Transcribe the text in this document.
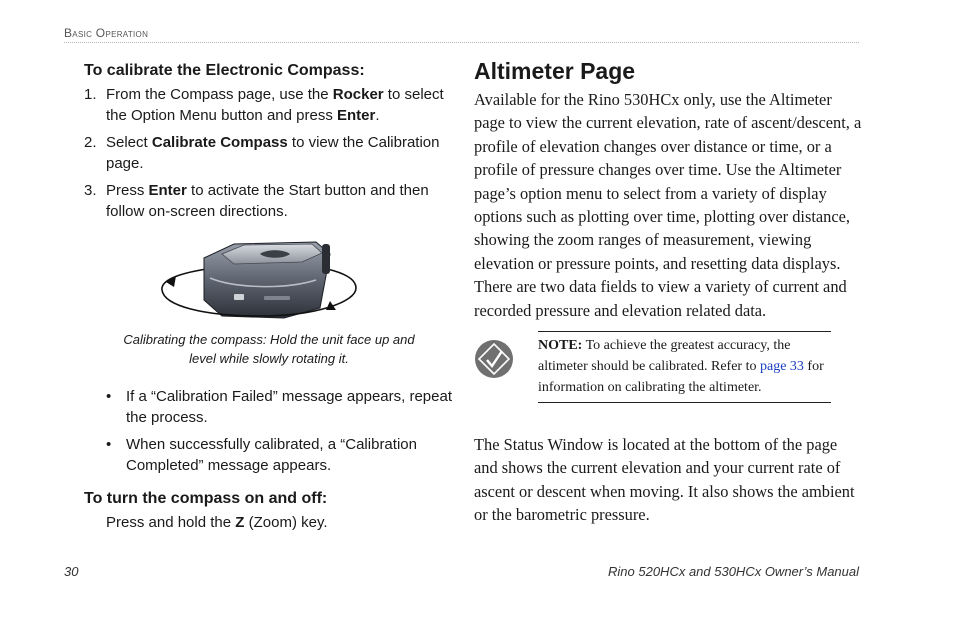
Basic Operation
To calibrate the Electronic Compass:
1. From the Compass page, use the Rocker to select the Option Menu button and press Enter.
2. Select Calibrate Compass to view the Calibration page.
3. Press Enter to activate the Start button and then follow on-screen directions.
Calibrating the compass: Hold the unit face up and
level while slowly rotating it.
• If a “Calibration Failed” message appears, repeat the process.
• When successfully calibrated, a “Calibration Completed” message appears.
To turn the compass on and off:
Press and hold the Z (Zoom) key.
Altimeter Page

Available for the Rino 530HCx only, use the Altimeter page to view the current elevation, rate of ascent/descent, a profile of elevation changes over distance or time, or a profile of pressure changes over time. Use the Altimeter page’s option menu to select from a variety of display options such as plotting over time, plotting over distance, showing the zoom ranges of measurement, viewing elevation or pressure points, and resetting data displays. There are two data fields to view a variety of current and recorded pressure and elevation related data.

NOTE: To achieve the greatest accuracy, the altimeter should be calibrated. Refer to page 33 for information on calibrating the altimeter.

The Status Window is located at the bottom of the page and shows the current elevation and your current rate of ascent or descent when moving. It also shows the ambient or the barometric pressure.

30	Rino 520HCx and 530HCx Owner’s Manual
